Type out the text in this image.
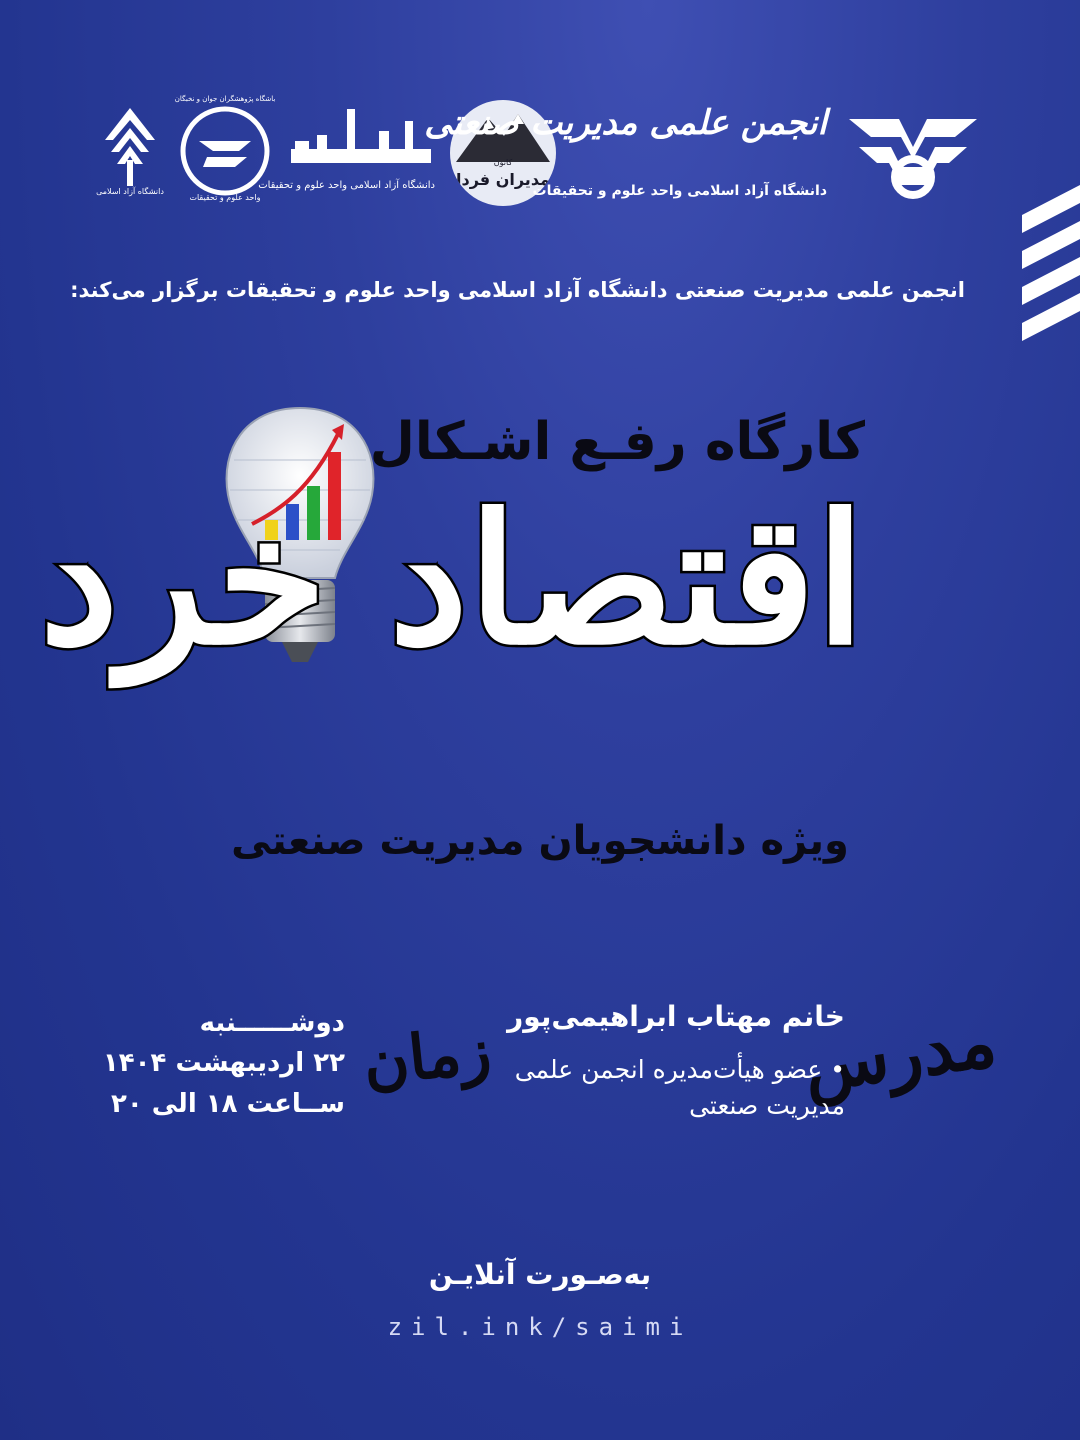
دانشگاه آزاد اسلامی
باشگاه پژوهشگران جوان و نخبگان
واحد علوم و تحقیقات
دانشگاه آزاد اسلامی واحد علوم و تحقیقات
کانون
مدیران فردا
انجمن علمی مدیریت صنعتی
دانشگاه آزاد اسلامی واحد علوم و تحقیقات
انجمن علمی مدیریت صنعتی دانشگاه آزاد اسلامی واحد علوم و تحقیقات برگزار می‌کند:
کارگاه رفـع اشـکال
اقتصاد خرد
ویژه دانشجویان مدیریت صنعتی
مدرس
خانم مهتاب ابراهیمی‌پور
• عضو هیأت‌مدیره انجمن علمی مدیریت صنعتی
زمان
دوشــــــنبه
۲۲ اردیبهشت ۱۴۰۴
ســاعت ۱۸ الی ۲۰
به‌صـورت آنلایـن
zil.ink/saimi
